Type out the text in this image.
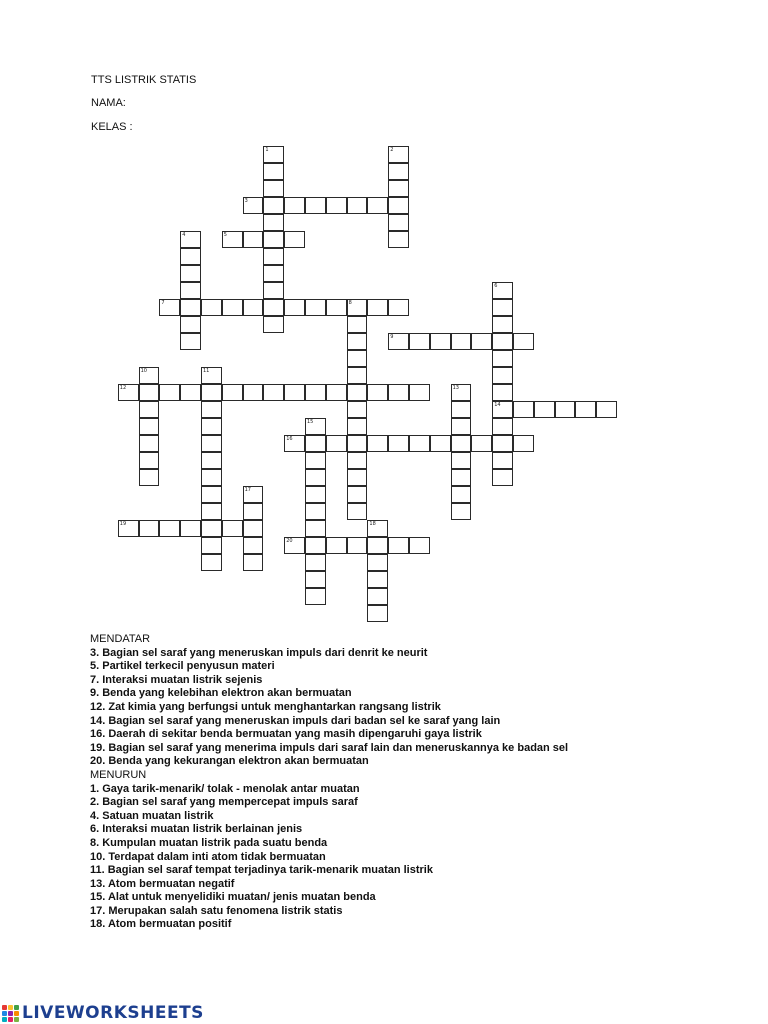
TTS LISTRIK STATIS
NAMA:
KELAS :
3
5
7
9
12
14
16
19
20
1	2
4
6
8
10	11
13
15
17
18
MENDATAR
3. Bagian sel saraf yang meneruskan impuls dari denrit ke neurit
5. Partikel terkecil penyusun materi
7. Interaksi muatan listrik sejenis
9. Benda yang kelebihan elektron akan bermuatan
12. Zat kimia yang berfungsi untuk menghantarkan rangsang listrik
14. Bagian sel saraf yang meneruskan impuls dari badan sel ke saraf yang lain
16. Daerah di sekitar benda bermuatan yang masih dipengaruhi gaya listrik
19. Bagian sel saraf yang menerima impuls dari saraf lain dan meneruskannya ke badan sel
20. Benda yang kekurangan elektron akan bermuatan
MENURUN
1. Gaya tarik-menarik/ tolak - menolak antar muatan
2. Bagian sel saraf yang mempercepat impuls saraf
4. Satuan muatan listrik
6. Interaksi muatan listrik berlainan jenis
8. Kumpulan muatan listrik pada suatu benda
10. Terdapat dalam inti atom tidak bermuatan
11. Bagian sel saraf tempat terjadinya tarik-menarik muatan listrik
13. Atom bermuatan negatif
15. Alat untuk menyelidiki muatan/ jenis muatan benda
17. Merupakan salah satu fenomena listrik statis
18. Atom bermuatan positif
LIVEWORKSHEETS
